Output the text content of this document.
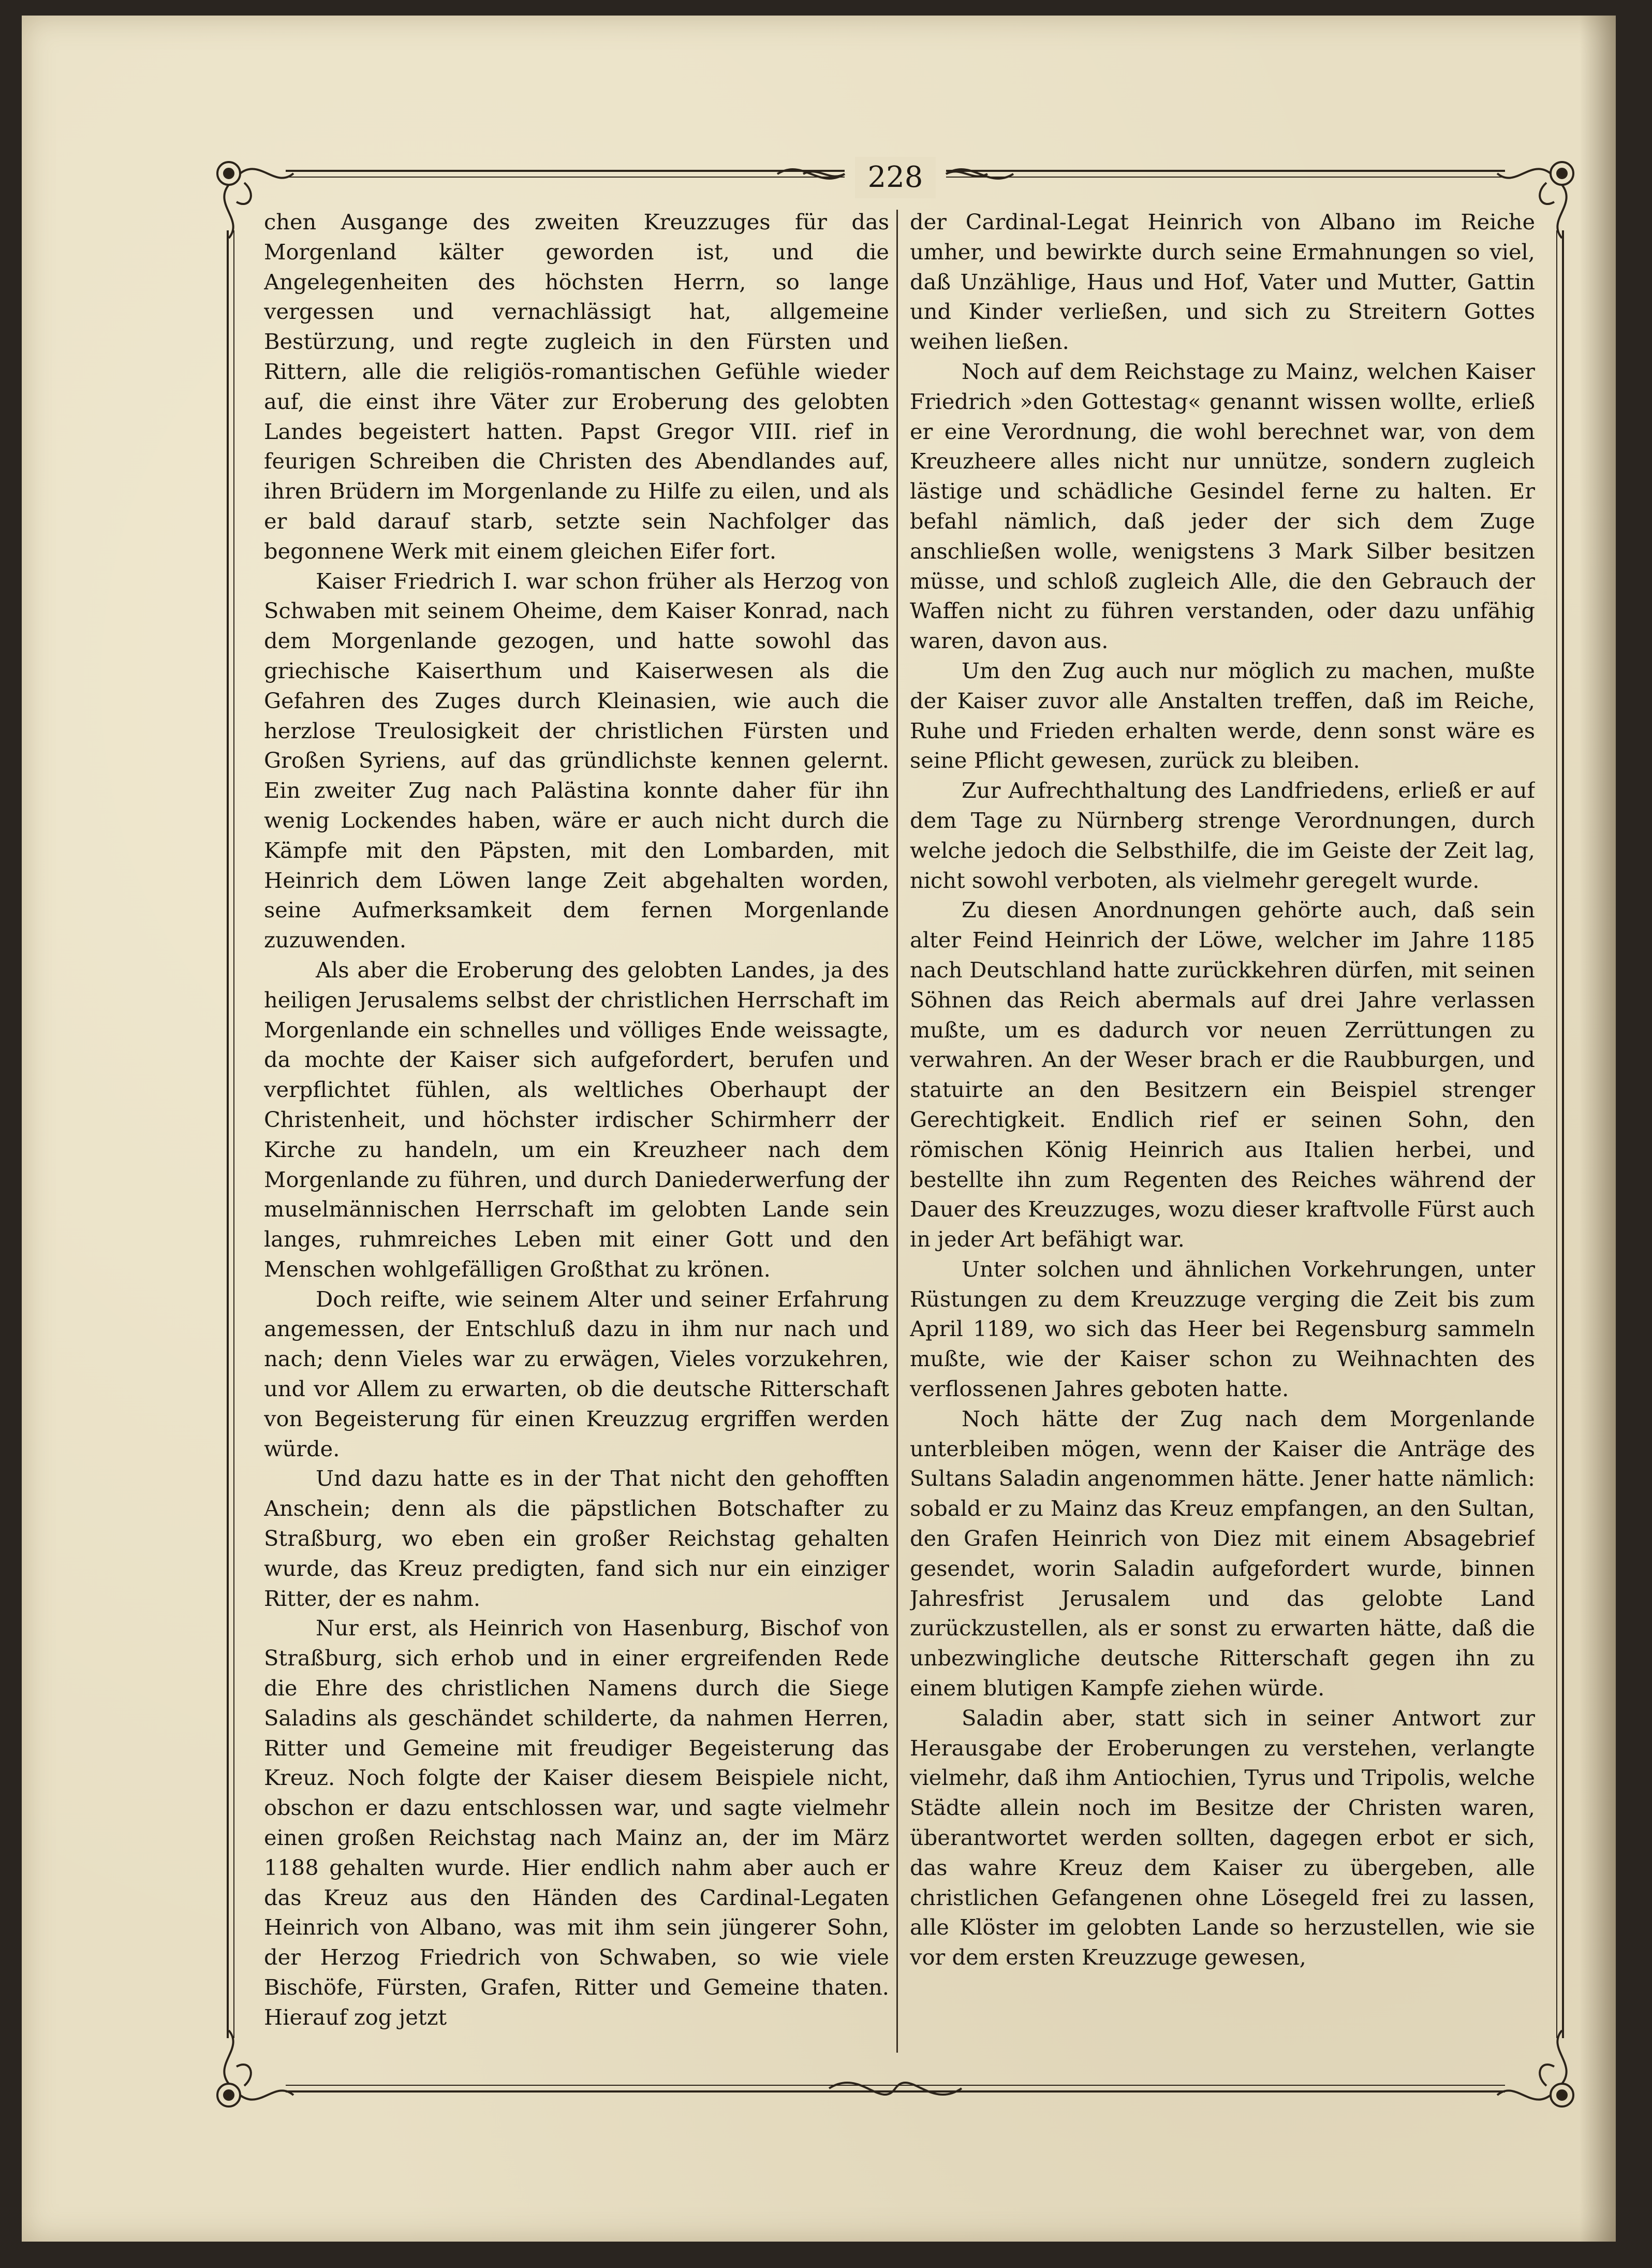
228

chen Ausgange des zweiten Kreuzzuges für das Morgenland kälter geworden ist, und die Angelegenheiten des höchsten Herrn, so lange vergessen und vernachlässigt hat, allgemeine Bestürzung, und regte zugleich in den Fürsten und Rittern, alle die religiös-romantischen Gefühle wieder auf, die einst ihre Väter zur Eroberung des gelobten Landes begeistert hatten. Papst Gregor VIII. rief in feurigen Schreiben die Christen des Abendlandes auf, ihren Brüdern im Morgenlande zu Hilfe zu eilen, und als er bald darauf starb, setzte sein Nachfolger das begonnene Werk mit einem gleichen Eifer fort.

Kaiser Friedrich I. war schon früher als Herzog von Schwaben mit seinem Oheime, dem Kaiser Konrad, nach dem Morgenlande gezogen, und hatte sowohl das griechische Kaiserthum und Kaiserwesen als die Gefahren des Zuges durch Kleinasien, wie auch die herzlose Treulosigkeit der christlichen Fürsten und Großen Syriens, auf das gründlichste kennen gelernt. Ein zweiter Zug nach Palästina konnte daher für ihn wenig Lockendes haben, wäre er auch nicht durch die Kämpfe mit den Päpsten, mit den Lombarden, mit Heinrich dem Löwen lange Zeit abgehalten worden, seine Aufmerksamkeit dem fernen Morgenlande zuzuwenden.

Als aber die Eroberung des gelobten Landes, ja des heiligen Jerusalems selbst der christlichen Herrschaft im Morgenlande ein schnelles und völliges Ende weissagte, da mochte der Kaiser sich aufgefordert, berufen und verpflichtet fühlen, als weltliches Oberhaupt der Christenheit, und höchster irdischer Schirmherr der Kirche zu handeln, um ein Kreuzheer nach dem Morgenlande zu führen, und durch Daniederwerfung der muselmännischen Herrschaft im gelobten Lande sein langes, ruhmreiches Leben mit einer Gott und den Menschen wohlgefälligen Großthat zu krönen.

Doch reifte, wie seinem Alter und seiner Erfahrung angemessen, der Entschluß dazu in ihm nur nach und nach; denn Vieles war zu erwägen, Vieles vorzukehren, und vor Allem zu erwarten, ob die deutsche Ritterschaft von Begeisterung für einen Kreuzzug ergriffen werden würde.

Und dazu hatte es in der That nicht den gehofften Anschein; denn als die päpstlichen Botschafter zu Straßburg, wo eben ein großer Reichstag gehalten wurde, das Kreuz predigten, fand sich nur ein einziger Ritter, der es nahm.

Nur erst, als Heinrich von Hasenburg, Bischof von Straßburg, sich erhob und in einer ergreifenden Rede die Ehre des christlichen Namens durch die Siege Saladins als geschändet schilderte, da nahmen Herren, Ritter und Gemeine mit freudiger Begeisterung das Kreuz. Noch folgte der Kaiser diesem Beispiele nicht, obschon er dazu entschlossen war, und sagte vielmehr einen großen Reichstag nach Mainz an, der im März 1188 gehalten wurde. Hier endlich nahm aber auch er das Kreuz aus den Händen des Cardinal-Legaten Heinrich von Albano, was mit ihm sein jüngerer Sohn, der Herzog Friedrich von Schwaben, so wie viele Bischöfe, Fürsten, Grafen, Ritter und Gemeine thaten. Hierauf zog jetzt

der Cardinal-Legat Heinrich von Albano im Reiche umher, und bewirkte durch seine Ermahnungen so viel, daß Unzählige, Haus und Hof, Vater und Mutter, Gattin und Kinder verließen, und sich zu Streitern Gottes weihen ließen.

Noch auf dem Reichstage zu Mainz, welchen Kaiser Friedrich »den Gottestag« genannt wissen wollte, erließ er eine Verordnung, die wohl berechnet war, von dem Kreuzheere alles nicht nur unnütze, sondern zugleich lästige und schädliche Gesindel ferne zu halten. Er befahl nämlich, daß jeder der sich dem Zuge anschließen wolle, wenigstens 3 Mark Silber besitzen müsse, und schloß zugleich Alle, die den Gebrauch der Waffen nicht zu führen verstanden, oder dazu unfähig waren, davon aus.

Um den Zug auch nur möglich zu machen, mußte der Kaiser zuvor alle Anstalten treffen, daß im Reiche, Ruhe und Frieden erhalten werde, denn sonst wäre es seine Pflicht gewesen, zurück zu bleiben.

Zur Aufrechthaltung des Landfriedens, erließ er auf dem Tage zu Nürnberg strenge Verordnungen, durch welche jedoch die Selbsthilfe, die im Geiste der Zeit lag, nicht sowohl verboten, als vielmehr geregelt wurde.

Zu diesen Anordnungen gehörte auch, daß sein alter Feind Heinrich der Löwe, welcher im Jahre 1185 nach Deutschland hatte zurückkehren dürfen, mit seinen Söhnen das Reich abermals auf drei Jahre verlassen mußte, um es dadurch vor neuen Zerrüttungen zu verwahren. An der Weser brach er die Raubburgen, und statuirte an den Besitzern ein Beispiel strenger Gerechtigkeit. Endlich rief er seinen Sohn, den römischen König Heinrich aus Italien herbei, und bestellte ihn zum Regenten des Reiches während der Dauer des Kreuzzuges, wozu dieser kraftvolle Fürst auch in jeder Art befähigt war.

Unter solchen und ähnlichen Vorkehrungen, unter Rüstungen zu dem Kreuzzuge verging die Zeit bis zum April 1189, wo sich das Heer bei Regensburg sammeln mußte, wie der Kaiser schon zu Weihnachten des verflossenen Jahres geboten hatte.

Noch hätte der Zug nach dem Morgenlande unterbleiben mögen, wenn der Kaiser die Anträge des Sultans Saladin angenommen hätte. Jener hatte nämlich: sobald er zu Mainz das Kreuz empfangen, an den Sultan, den Grafen Heinrich von Diez mit einem Absagebrief gesendet, worin Saladin aufgefordert wurde, binnen Jahresfrist Jerusalem und das gelobte Land zurückzustellen, als er sonst zu erwarten hätte, daß die unbezwingliche deutsche Ritterschaft gegen ihn zu einem blutigen Kampfe ziehen würde.

Saladin aber, statt sich in seiner Antwort zur Herausgabe der Eroberungen zu verstehen, verlangte vielmehr, daß ihm Antiochien, Tyrus und Tripolis, welche Städte allein noch im Besitze der Christen waren, überantwortet werden sollten, dagegen erbot er sich, das wahre Kreuz dem Kaiser zu übergeben, alle christlichen Gefangenen ohne Lösegeld frei zu lassen, alle Klöster im gelobten Lande so herzustellen, wie sie vor dem ersten Kreuzzuge gewesen,
